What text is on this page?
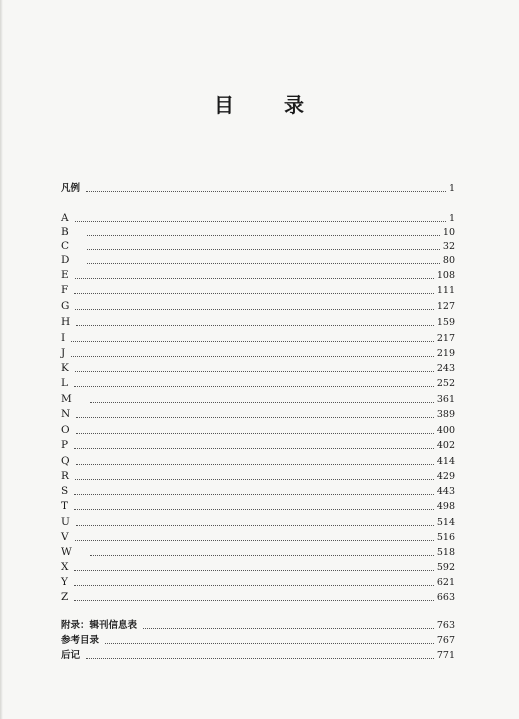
目	录
凡例	1
A	1
B	10
C	32
D	80
E	108
F	111
G	127
H	159
I	217
J	219
K	243
L	252
M	361
N	389
O	400
P	402
Q	414
R	429
S	443
T	498
U	514
V	516
W	518
X	592
Y	621
Z	663
附录：辑刊信息表	763
参考目录	767
后记	771
